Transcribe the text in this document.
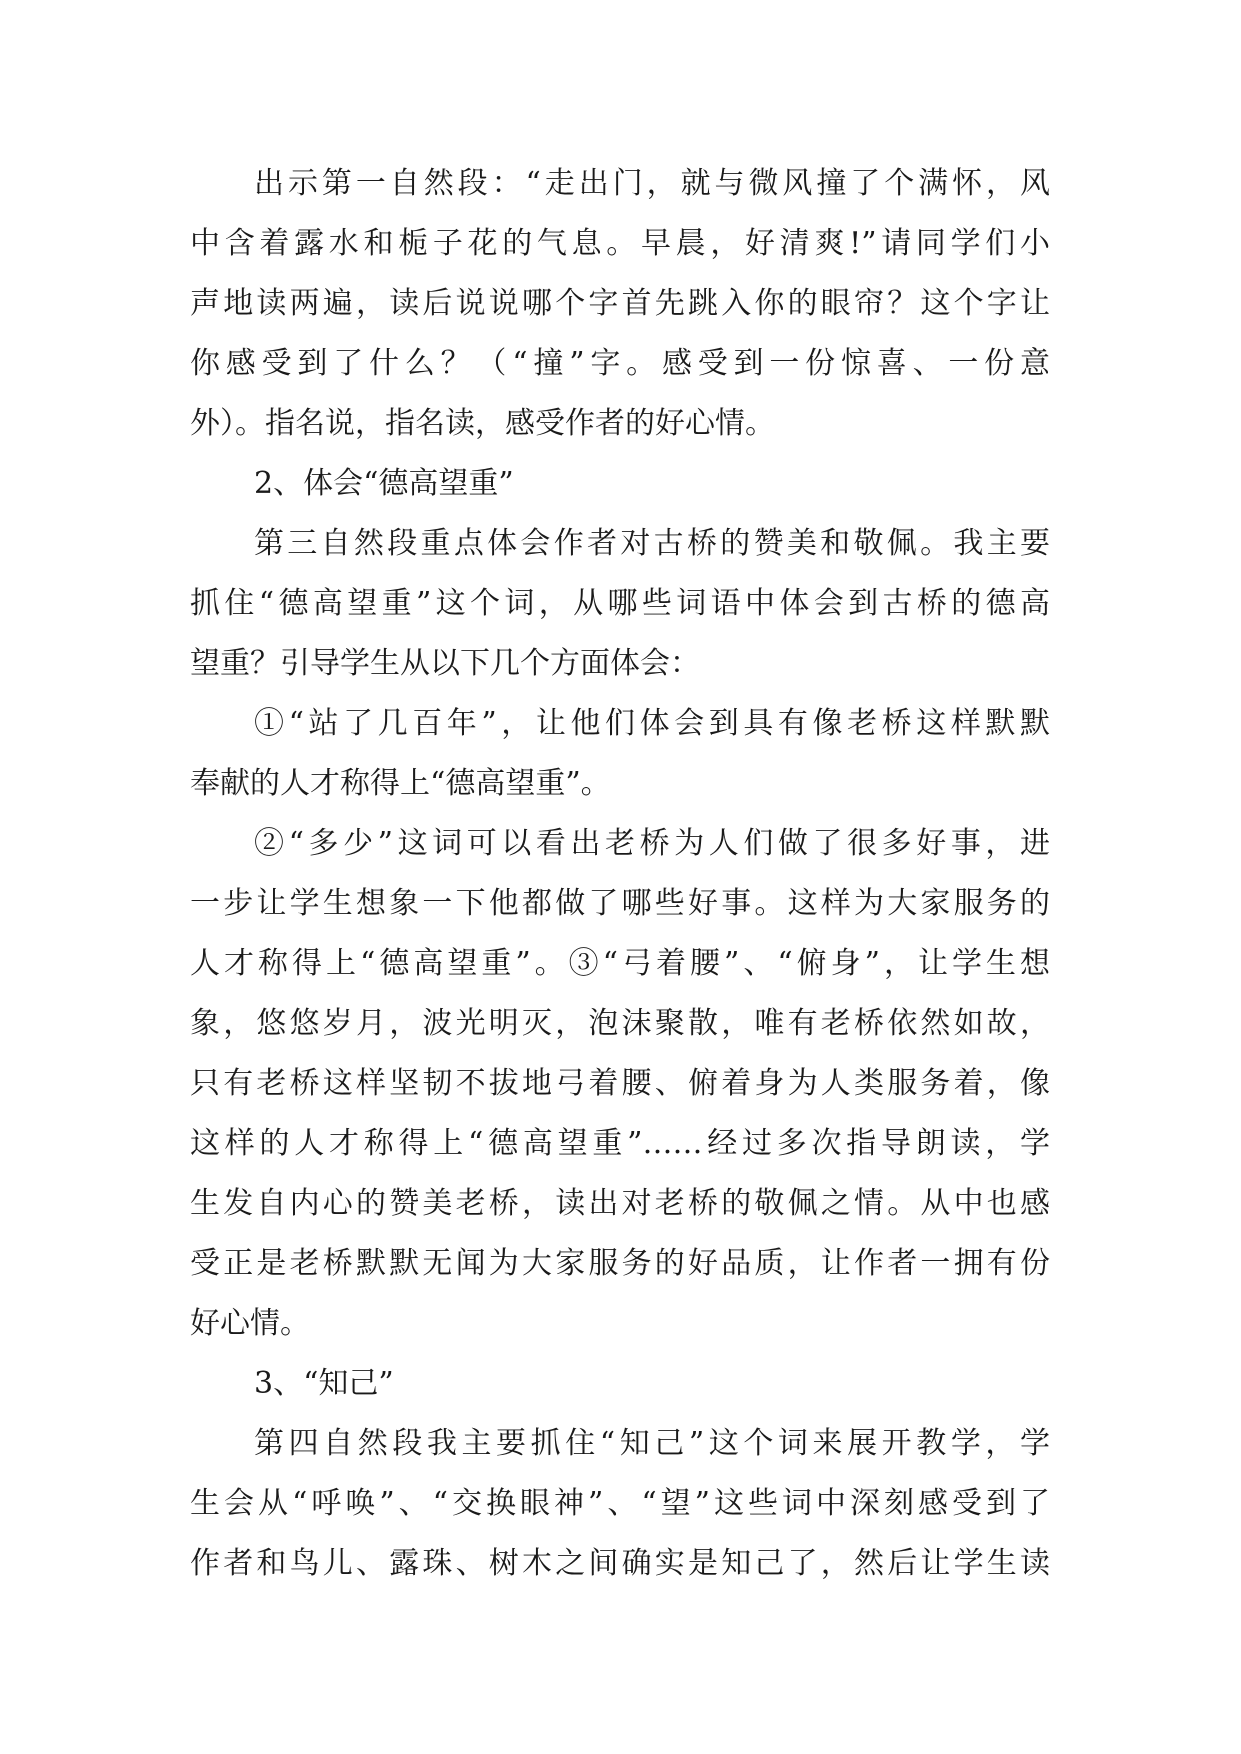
出示第一自然段：“走出门，就与微风撞了个满怀，风
中含着露水和栀子花的气息。早晨，好清爽!”请同学们小
声地读两遍，读后说说哪个字首先跳入你的眼帘？这个字让
你感受到了什么？（“撞”字。感受到一份惊喜、一份意
外）。指名说，指名读，感受作者的好心情。
2、体会“德高望重”
第三自然段重点体会作者对古桥的赞美和敬佩。我主要
抓住“德高望重”这个词，从哪些词语中体会到古桥的德高
望重？引导学生从以下几个方面体会：
①“站了几百年”，让他们体会到具有像老桥这样默默
奉献的人才称得上“德高望重”。
②“多少”这词可以看出老桥为人们做了很多好事，进
一步让学生想象一下他都做了哪些好事。这样为大家服务的
人才称得上“德高望重”。③“弓着腰”、“俯身”，让学生想
象，悠悠岁月，波光明灭，泡沫聚散，唯有老桥依然如故，
只有老桥这样坚韧不拔地弓着腰、俯着身为人类服务着，像
这样的人才称得上“德高望重”……经过多次指导朗读，学
生发自内心的赞美老桥，读出对老桥的敬佩之情。从中也感
受正是老桥默默无闻为大家服务的好品质，让作者一拥有份
好心情。
3、“知己”
第四自然段我主要抓住“知己”这个词来展开教学，学
生会从“呼唤”、“交换眼神”、“望”这些词中深刻感受到了
作者和鸟儿、露珠、树木之间确实是知己了，然后让学生读
